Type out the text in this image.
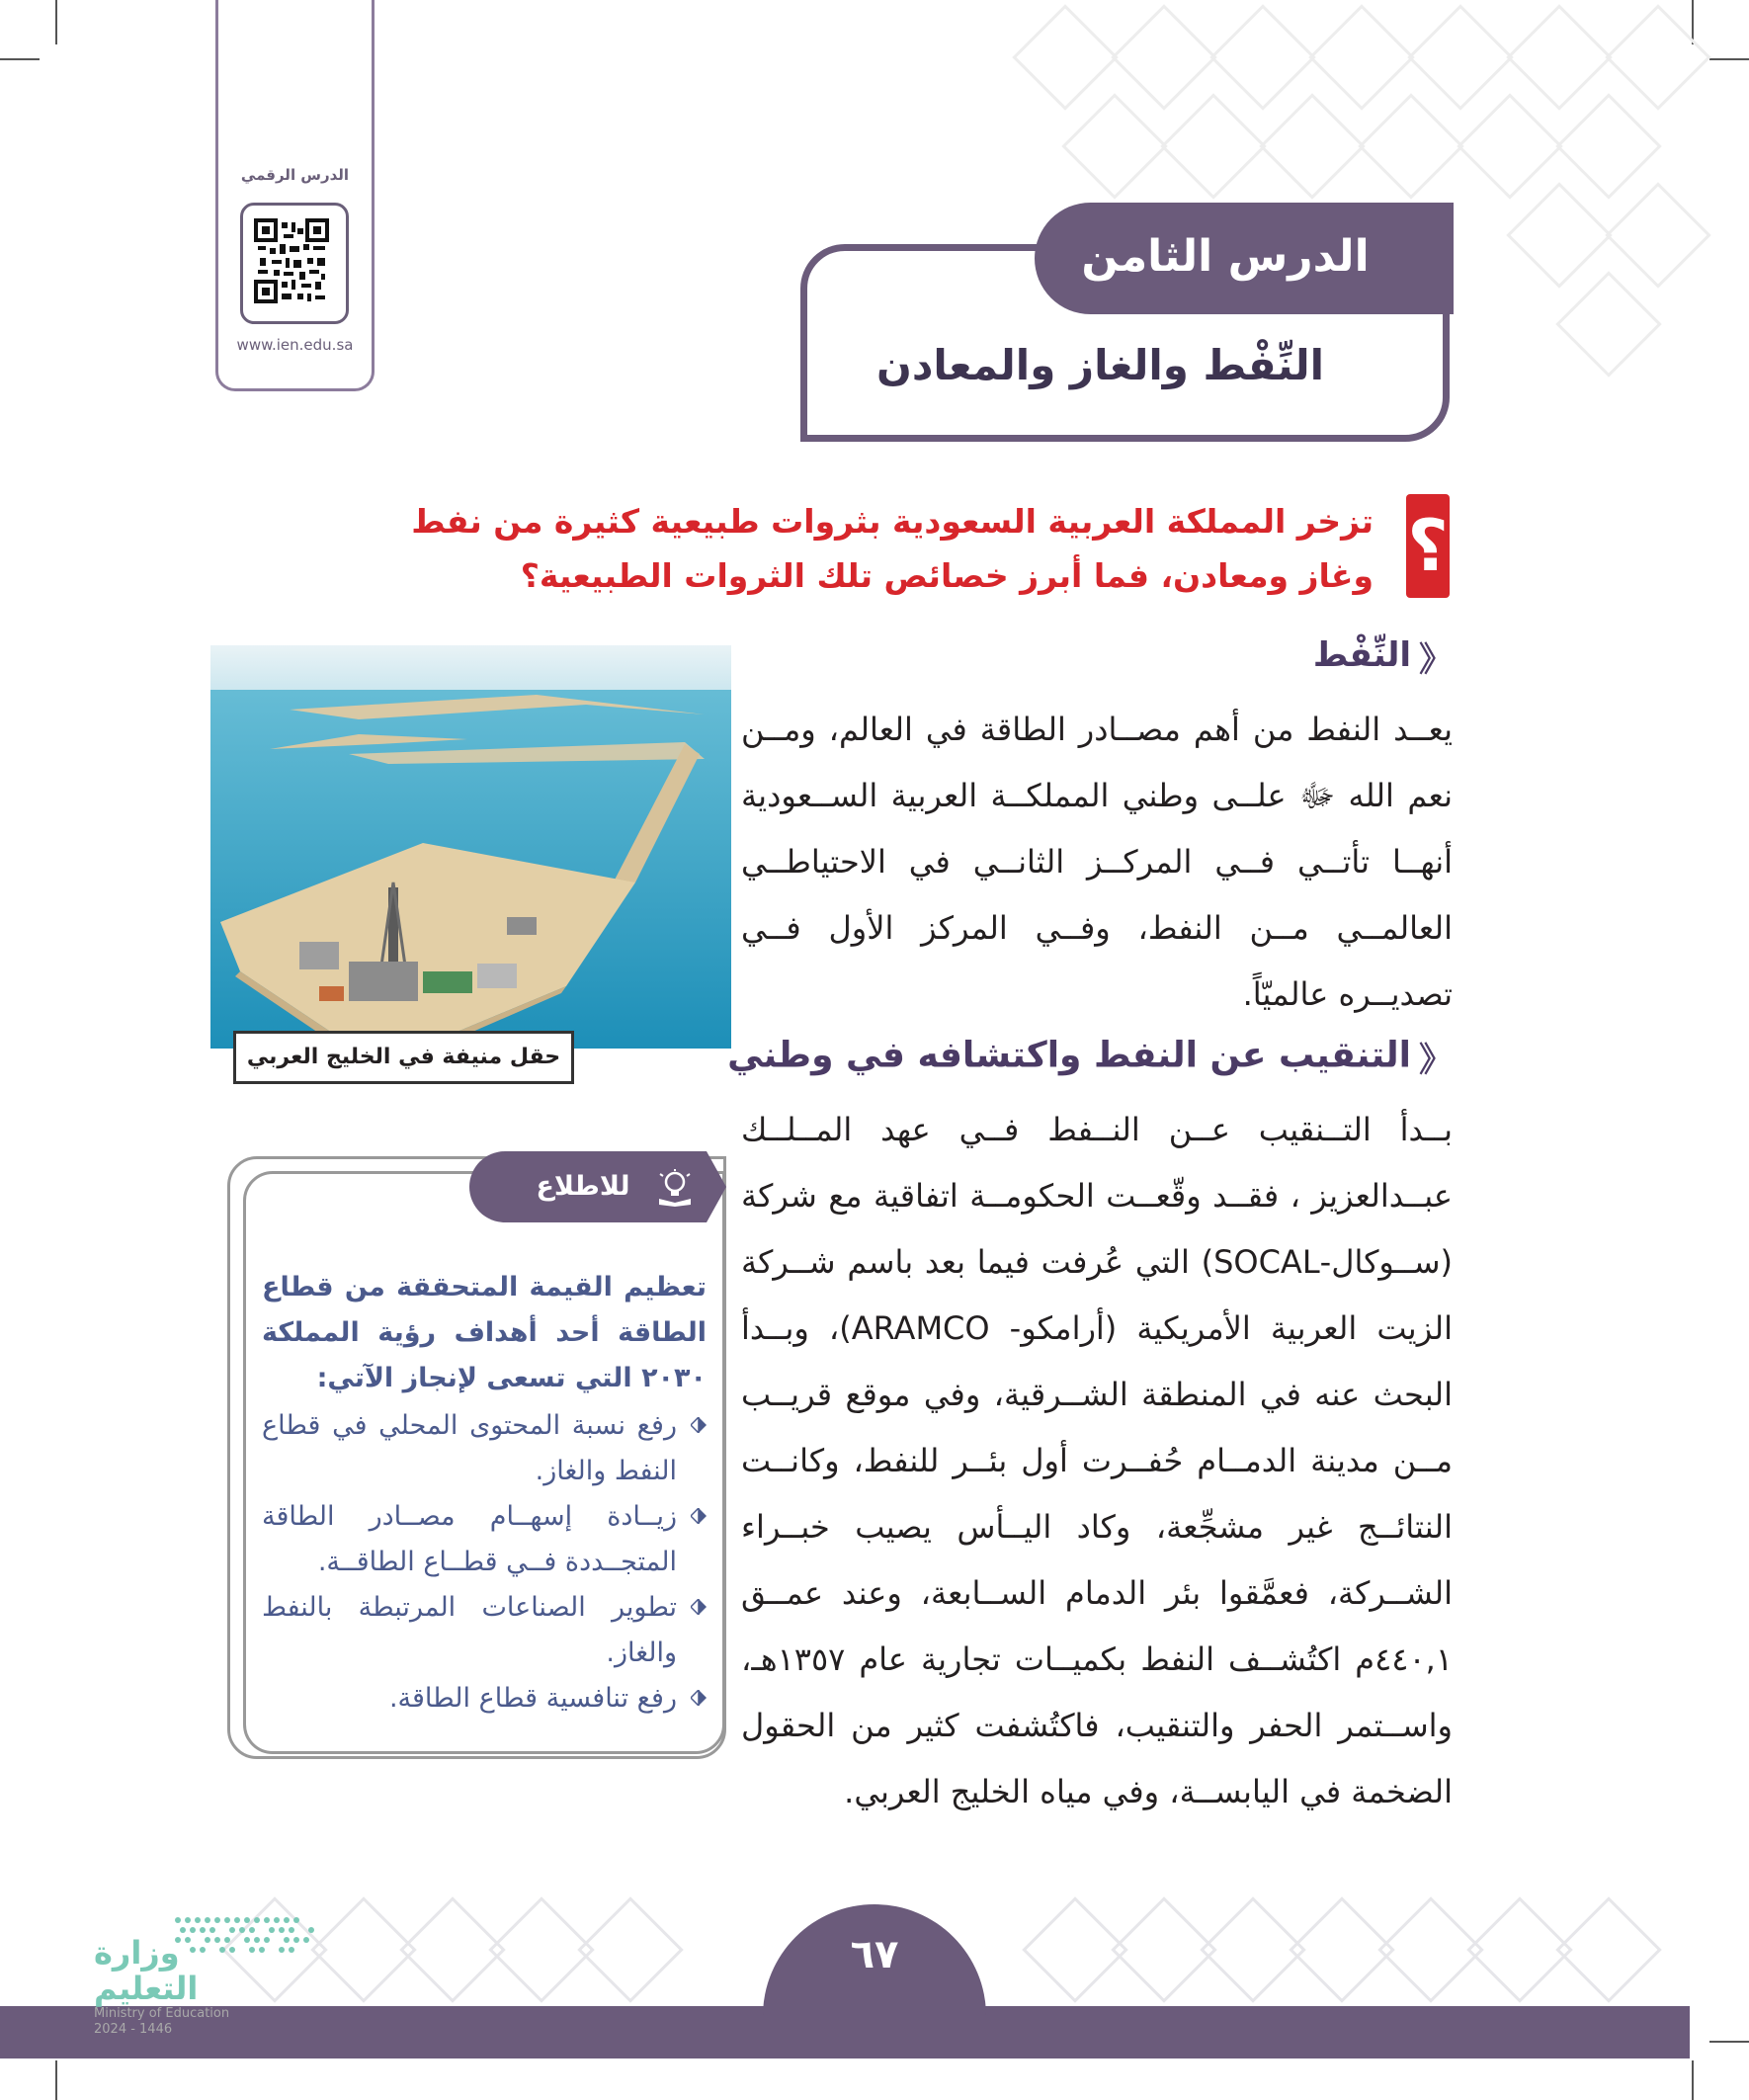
الدرس الرقمي
www.ien.edu.sa
الدرس الثامن
النِّفْط والغاز والمعادن
؟
تزخر المملكة العربية السعودية بثروات طبيعية كثيرة من نفط وغاز ومعادن، فما أبرز خصائص تلك الثروات الطبيعية؟
《النِّفْط
يعــد النفط من أهم مصــادر الطاقة في العالم، ومــن نعم الله ﷻ علــى وطني المملكــة العربية الســعودية أنهــا تأتــي فــي المركــز الثانــي في الاحتياطــي العالمــي مــن النفط، وفــي المركز الأول فــي تصديــره عالميّاً.
حقل منيفة في الخليج العربي	《التنقيب عن النفط واكتشافه في وطني
بــدأ التــنقيب عــن النــفط فــي عهد المــلــك عبــدالعزيز ، فقــد وقّعــت الحكومــة اتفاقية مع شركة (ســوكال-SOCAL) التي عُرفت فيما بعد باسم شــركة الزيت العربية الأمريكية (أرامكو- ARAMCO)، وبــدأ البحث عنه في المنطقة الشــرقية، وفي موقع قريــب مــن مدينة الدمــام حُفــرت أول بئــر للنفط، وكانــت النتائــج غير مشجِّعة، وكاد اليــأس يصيب خبــراء الشــركة، فعمَّقوا بئر الدمام الســابعة، وعند عمــق ٤٤٠,١م اكتُشــف النفط بكميــات تجارية عام ١٣٥٧هـ، واســتمر الحفر والتنقيب، فاكتُشفت كثير من الحقول الضخمة في اليابســة، وفي مياه الخليج العربي.
للاطلاع
تعظيم القيمة المتحققة من قطاع الطاقة أحد أهداف رؤية المملكة ٢٠٣٠ التي تسعى لإنجاز الآتي:
رفع نسبة المحتوى المحلي في قطاع النفط والغاز.
زيــادة إسهــام مصــادر الطاقة المتجــددة فــي قطــاع الطاقــة.
تطوير الصناعات المرتبطة بالنفط والغاز.
رفع تنافسية قطاع الطاقة.
٦٧
وزارة التعليم
Ministry of Education
2024 - 1446
